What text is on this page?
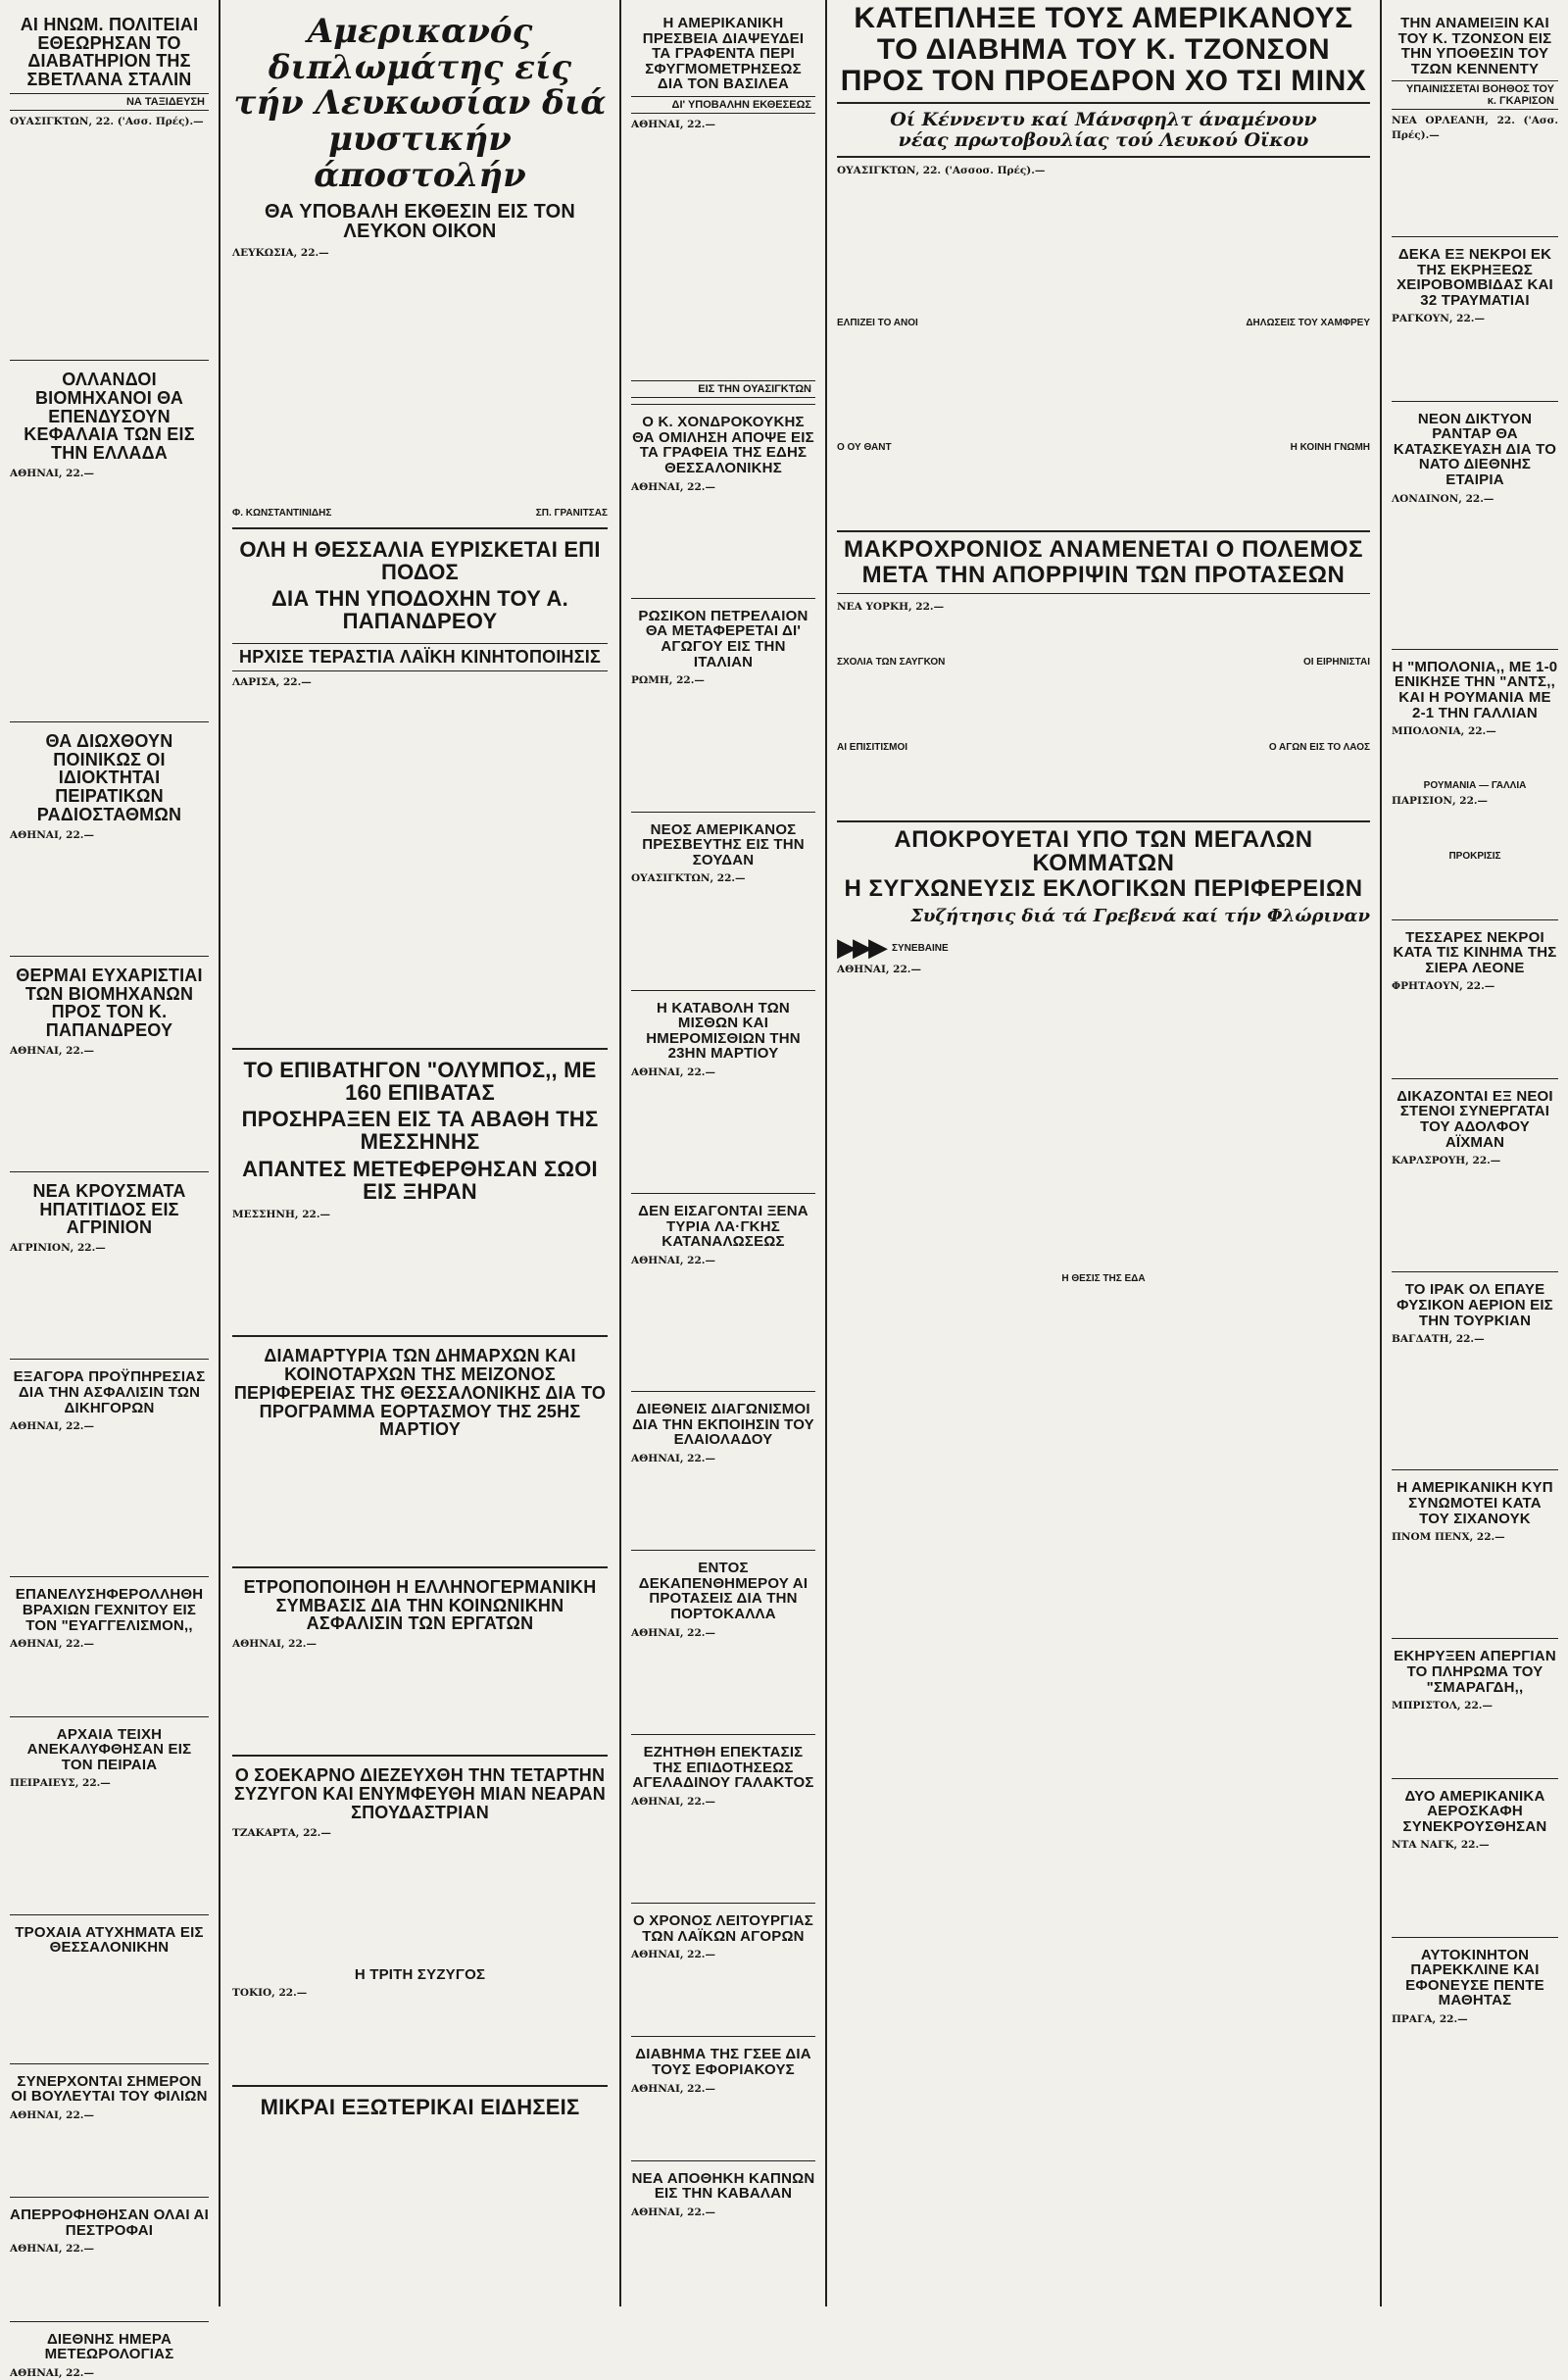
ΑΙ ΗΝΩΜ. ΠΟΛΙΤΕΙΑΙ ΕΘΕΩΡΗΣΑΝ ΤΟ ΔΙΑΒΑΤΗΡΙΟΝ ΤΗΣ ΣΒΕΤΛΑΝΑ ΣΤΑΛΙΝ
ΝΑ ΤΑΞΙΔΕΥΣΗ

ΟΥΑΣΙΓΚΤΩΝ, 22. ('Ασσ. Πρές).—

ΟΛΛΑΝΔΟΙ ΒΙΟΜΗΧΑΝΟΙ ΘΑ ΕΠΕΝΔΥΣΟΥΝ ΚΕΦΑΛΑΙΑ ΤΩΝ ΕΙΣ ΤΗΝ ΕΛΛΑΔΑ

ΑΘΗΝΑΙ, 22.—

ΘΑ ΔΙΩΧΘΟΥΝ ΠΟΙΝΙΚΩΣ ΟΙ ΙΔΙΟΚΤΗΤΑΙ ΠΕΙΡΑΤΙΚΩΝ ΡΑΔΙΟΣΤΑΘΜΩΝ

ΑΘΗΝΑΙ, 22.—

ΘΕΡΜΑΙ ΕΥΧΑΡΙΣΤΙΑΙ ΤΩΝ ΒΙΟΜΗΧΑΝΩΝ ΠΡΟΣ ΤΟΝ Κ. ΠΑΠΑΝΔΡΕΟΥ

ΑΘΗΝΑΙ, 22.—

ΝΕΑ ΚΡΟΥΣΜΑΤΑ ΗΠΑΤΙΤΙΔΟΣ ΕΙΣ ΑΓΡΙΝΙΟΝ

ΑΓΡΙΝΙΟΝ, 22.—

ΕΞΑΓΟΡΑ ΠΡΟΫΠΗΡΕΣΙΑΣ ΔΙΑ ΤΗΝ ΑΣΦΑΛΙΣΙΝ ΤΩΝ ΔΙΚΗΓΟΡΩΝ

ΑΘΗΝΑΙ, 22.—

ΕΠΑΝΕΛΥΣΗΦΕΡΟΛΛΗΘΗ ΒΡΑΧΙΩΝ ΓΕΧΝΙΤΟΥ ΕΙΣ ΤΟΝ "ΕΥΑΓΓΕΛΙΣΜΟΝ,,

ΑΘΗΝΑΙ, 22.—

ΑΡΧΑΙΑ ΤΕΙΧΗ ΑΝΕΚΑΛΥΦΘΗΣΑΝ ΕΙΣ ΤΟΝ ΠΕΙΡΑΙΑ

ΠΕΙΡΑΙΕΥΣ, 22.—

ΤΡΟΧΑΙΑ ΑΤΥΧΗΜΑΤΑ ΕΙΣ ΘΕΣΣΑΛΟΝΙΚΗΝ
ΣΥΝΕΡΧΟΝΤΑΙ ΣΗΜΕΡΟΝ ΟΙ ΒΟΥΛΕΥΤΑΙ ΤΟΥ ΦΙΛΙΩΝ

ΑΘΗΝΑΙ, 22.—

ΑΠΕΡΡΟΦΗΘΗΣΑΝ ΟΛΑΙ ΑΙ ΠΕΣΤΡΟΦΑΙ

ΑΘΗΝΑΙ, 22.—

ΔΙΕΘΝΗΣ ΗΜΕΡΑ ΜΕΤΕΩΡΟΛΟΓΙΑΣ

ΑΘΗΝΑΙ, 22.—

Αμερικανός διπλωμάτης είς τήν Λευκωσίαν διά μυστικήν άποστολήν
ΘΑ ΥΠΟΒΑΛΗ ΕΚΘΕΣΙΝ ΕΙΣ ΤΟΝ ΛΕΥΚΟΝ ΟΙΚΟΝ

ΛΕΥΚΩΣΙΑ, 22.—

Φ. ΚΩΝΣΤΑΝΤΙΝΙΔΗΣ	ΣΠ. ΓΡΑΝΙΤΣΑΣ
ΟΛΗ Η ΘΕΣΣΑΛΙΑ ΕΥΡΙΣΚΕΤΑΙ ΕΠΙ ΠΟΔΟΣ
ΔΙΑ ΤΗΝ ΥΠΟΔΟΧΗΝ ΤΟΥ Α. ΠΑΠΑΝΔΡΕΟΥ
ΗΡΧΙΣΕ ΤΕΡΑΣΤΙΑ ΛΑΪΚΗ ΚΙΝΗΤΟΠΟΙΗΣΙΣ

ΛΑΡΙΣΑ, 22.—

ΤΟ ΕΠΙΒΑΤΗΓΟΝ "ΟΛΥΜΠΟΣ,, ΜΕ 160 ΕΠΙΒΑΤΑΣ
ΠΡΟΣΗΡΑΞΕΝ ΕΙΣ ΤΑ ΑΒΑΘΗ ΤΗΣ ΜΕΣΣΗΝΗΣ
ΑΠΑΝΤΕΣ ΜΕΤΕΦΕΡΘΗΣΑΝ ΣΩΟΙ ΕΙΣ ΞΗΡΑΝ

ΜΕΣΣΗΝΗ, 22.—

ΔΙΑΜΑΡΤΥΡΙΑ ΤΩΝ ΔΗΜΑΡΧΩΝ ΚΑΙ ΚΟΙΝΟΤΑΡΧΩΝ ΤΗΣ ΜΕΙΖΟΝΟΣ ΠΕΡΙΦΕΡΕΙΑΣ ΤΗΣ ΘΕΣΣΑΛΟΝΙΚΗΣ ΔΙΑ ΤΟ ΠΡΟΓΡΑΜΜΑ ΕΟΡΤΑΣΜΟΥ ΤΗΣ 25ΗΣ ΜΑΡΤΙΟΥ
ΕΤΡΟΠΟΠΟΙΗΘΗ Η ΕΛΛΗΝΟΓΕΡΜΑΝΙΚΗ ΣΥΜΒΑΣΙΣ ΔΙΑ ΤΗΝ ΚΟΙΝΩΝΙΚΗΝ ΑΣΦΑΛΙΣΙΝ ΤΩΝ ΕΡΓΑΤΩΝ

ΑΘΗΝΑΙ, 22.—

Ο ΣΟΕΚΑΡΝΟ ΔΙΕΖΕΥΧΘΗ ΤΗΝ ΤΕΤΑΡΤΗΝ ΣΥΖΥΓΟΝ ΚΑΙ ΕΝΥΜΦΕΥΘΗ ΜΙΑΝ ΝΕΑΡΑΝ ΣΠΟΥΔΑΣΤΡΙΑΝ

ΤΖΑΚΑΡΤΑ, 22.—

Η ΤΡΙΤΗ ΣΥΖΥΓΟΣ

ΤΟΚΙΟ, 22.—

ΜΙΚΡΑΙ ΕΞΩΤΕΡΙΚΑΙ ΕΙΔΗΣΕΙΣ
Η ΑΜΕΡΙΚΑΝΙΚΗ ΠΡΕΣΒΕΙΑ ΔΙΑΨΕΥΔΕΙ ΤΑ ΓΡΑΦΕΝΤΑ ΠΕΡΙ ΣΦΥΓΜΟΜΕΤΡΗΣΕΩΣ ΔΙΑ ΤΟΝ ΒΑΣΙΛΕΑ
ΔΙ' ΥΠΟΒΑΛΗΝ ΕΚΘΕΣΕΩΣ

ΑΘΗΝΑΙ, 22.—

ΕΙΣ ΤΗΝ ΟΥΑΣΙΓΚΤΩΝ
Ο Κ. ΧΟΝΔΡΟΚΟΥΚΗΣ ΘΑ ΟΜΙΛΗΣΗ ΑΠΟΨΕ ΕΙΣ ΤΑ ΓΡΑΦΕΙΑ ΤΗΣ ΕΔΗΣ ΘΕΣΣΑΛΟΝΙΚΗΣ

ΑΘΗΝΑΙ, 22.—

ΡΩΣΙΚΟΝ ΠΕΤΡΕΛΑΙΟΝ ΘΑ ΜΕΤΑΦΕΡΕΤΑΙ ΔΙ' ΑΓΩΓΟΥ ΕΙΣ ΤΗΝ ΙΤΑΛΙΑΝ

ΡΩΜΗ, 22.—

ΝΕΟΣ ΑΜΕΡΙΚΑΝΟΣ ΠΡΕΣΒΕΥΤΗΣ ΕΙΣ ΤΗΝ ΣΟΥΔΑΝ

ΟΥΑΣΙΓΚΤΩΝ, 22.—

Η ΚΑΤΑΒΟΛΗ ΤΩΝ ΜΙΣΘΩΝ ΚΑΙ ΗΜΕΡΟΜΙΣΘΙΩΝ ΤΗΝ 23ΗΝ ΜΑΡΤΙΟΥ

ΑΘΗΝΑΙ, 22.—

ΔΕΝ ΕΙΣΑΓΟΝΤΑΙ ΞΕΝΑ ΤΥΡΙΑ ΛΑ·ΓΚΗΣ ΚΑΤΑΝΑΛΩΣΕΩΣ

ΑΘΗΝΑΙ, 22.—

ΔΙΕΘΝΕΙΣ ΔΙΑΓΩΝΙΣΜΟΙ ΔΙΑ ΤΗΝ ΕΚΠΟΙΗΣΙΝ ΤΟΥ ΕΛΑΙΟΛΑΔΟΥ

ΑΘΗΝΑΙ, 22.—

ΕΝΤΟΣ ΔΕΚΑΠΕΝΘΗΜΕΡΟΥ ΑΙ ΠΡΟΤΑΣΕΙΣ ΔΙΑ ΤΗΝ ΠΟΡΤΟΚΑΛΛΑ

ΑΘΗΝΑΙ, 22.—

ΕΖΗΤΗΘΗ ΕΠΕΚΤΑΣΙΣ ΤΗΣ ΕΠΙΔΟΤΗΣΕΩΣ ΑΓΕΛΑΔΙΝΟΥ ΓΑΛΑΚΤΟΣ

ΑΘΗΝΑΙ, 22.—

Ο ΧΡΟΝΟΣ ΛΕΙΤΟΥΡΓΙΑΣ ΤΩΝ ΛΑΪΚΩΝ ΑΓΟΡΩΝ

ΑΘΗΝΑΙ, 22.—

ΔΙΑΒΗΜΑ ΤΗΣ ΓΣΕΕ ΔΙΑ ΤΟΥΣ ΕΦΟΡΙΑΚΟΥΣ

ΑΘΗΝΑΙ, 22.—

ΝΕΑ ΑΠΟΘΗΚΗ ΚΑΠΝΩΝ ΕΙΣ ΤΗΝ ΚΑΒΑΛΑΝ

ΑΘΗΝΑΙ, 22.—

ΚΑΤΕΠΛΗΞΕ ΤΟΥΣ ΑΜΕΡΙΚΑΝΟΥΣ
ΤΟ ΔΙΑΒΗΜΑ ΤΟΥ Κ. ΤΖΟΝΣΟΝ
ΠΡΟΣ ΤΟΝ ΠΡΟΕΔΡΟΝ ΧΟ ΤΣΙ ΜΙΝΧ
Οί Κέννεντυ καί Μάνσφηλτ άναμένουν
νέας πρωτοβουλίας τού Λευκού Οϊκου

ΟΥΑΣΙΓΚΤΩΝ, 22. ('Ασσοσ. Πρές).—

ΕΛΠΙΖΕΙ ΤΟ ΑΝΟΙ	ΔΗΛΩΣΕΙΣ ΤΟΥ ΧΑΜΦΡΕΥ
Ο ΟΥ ΘΑΝΤ	Η ΚΟΙΝΗ ΓΝΩΜΗ
ΜΑΚΡΟΧΡΟΝΙΟΣ ΑΝΑΜΕΝΕΤΑΙ Ο ΠΟΛΕΜΟΣ
ΜΕΤΑ ΤΗΝ ΑΠΟΡΡΙΨΙΝ ΤΩΝ ΠΡΟΤΑΣΕΩΝ

ΝΕΑ ΥΟΡΚΗ, 22.—

ΣΧΟΛΙΑ ΤΩΝ ΣΑΥΓΚΟΝ	ΟΙ ΕΙΡΗΝΙΣΤΑΙ
ΑΙ ΕΠΙΣΙΤΙΣΜΟΙ	Ο ΑΓΩΝ ΕΙΣ ΤΟ ΛΑΟΣ
ΑΠΟΚΡΟΥΕΤΑΙ ΥΠΟ ΤΩΝ ΜΕΓΑΛΩΝ ΚΟΜΜΑΤΩΝ
Η ΣΥΓΧΩΝΕΥΣΙΣ ΕΚΛΟΓΙΚΩΝ ΠΕΡΙΦΕΡΕΙΩΝ
Συζήτησις διά τά Γρεβενά καί τήν Φλώριναν
▶▶▶ ΣΥΝΕΒΑΙΝΕ

ΑΘΗΝΑΙ, 22.—

Η ΘΕΣΙΣ ΤΗΣ ΕΔΑ
ΤΗΝ ΑΝΑΜΕΙΞΙΝ ΚΑΙ ΤΟΥ Κ. ΤΖΟΝΣΟΝ ΕΙΣ ΤΗΝ ΥΠΟΘΕΣΙΝ ΤΟΥ ΤΖΩΝ ΚΕΝΝΕΝΤΥ
ΥΠΑΙΝΙΣΣΕΤΑΙ ΒΟΗΘΟΣ ΤΟΥ κ. ΓΚΑΡΙΣΟΝ

ΝΕΑ ΟΡΛΕΑΝΗ, 22. ('Ασσ. Πρές).—

ΔΕΚΑ ΕΞ ΝΕΚΡΟΙ ΕΚ ΤΗΣ ΕΚΡΗΞΕΩΣ ΧΕΙΡΟΒΟΜΒΙΔΑΣ ΚΑΙ 32 ΤΡΑΥΜΑΤΙΑΙ

ΡΑΓΚΟΥΝ, 22.—

ΝΕΟΝ ΔΙΚΤΥΟΝ ΡΑΝΤΑΡ ΘΑ ΚΑΤΑΣΚΕΥΑΣΗ ΔΙΑ ΤΟ ΝΑΤΟ ΔΙΕΘΝΗΣ ΕΤΑΙΡΙΑ

ΛΟΝΔΙΝΟΝ, 22.—

Η "ΜΠΟΛΟΝΙΑ,, ΜΕ 1-0 ΕΝΙΚΗΣΕ ΤΗΝ "ΑΝΤΣ,, ΚΑΙ Η ΡΟΥΜΑΝΙΑ ΜΕ 2-1 ΤΗΝ ΓΑΛΛΙΑΝ

ΜΠΟΛΟΝΙΑ, 22.—

ΡΟΥΜΑΝΙΑ — ΓΑΛΛΙΑ

ΠΑΡΙΣΙΟΝ, 22.—

ΠΡΟΚΡΙΣΙΣ
ΤΕΣΣΑΡΕΣ ΝΕΚΡΟΙ ΚΑΤΑ ΤΙΣ ΚΙΝΗΜΑ ΤΗΣ ΣΙΕΡΑ ΛΕΟΝΕ

ΦΡΗΤΑΟΥΝ, 22.—

ΔΙΚΑΖΟΝΤΑΙ ΕΞ ΝΕΟΙ ΣΤΕΝΟΙ ΣΥΝΕΡΓΑΤΑΙ ΤΟΥ ΑΔΟΛΦΟΥ ΑΪΧΜΑΝ

ΚΑΡΛΣΡΟΥΗ, 22.—

ΤΟ ΙΡΑΚ ΟΛ ΕΠΑΥΕ ΦΥΣΙΚΟΝ ΑΕΡΙΟΝ ΕΙΣ ΤΗΝ ΤΟΥΡΚΙΑΝ

ΒΑΓΔΑΤΗ, 22.—

Η ΑΜΕΡΙΚΑΝΙΚΗ ΚΥΠ ΣΥΝΩΜΟΤΕΙ ΚΑΤΑ ΤΟΥ ΣΙΧΑΝΟΥΚ

ΠΝΟΜ ΠΕΝΧ, 22.—

ΕΚΗΡΥΞΕΝ ΑΠΕΡΓΙΑΝ ΤΟ ΠΛΗΡΩΜΑ ΤΟΥ "ΣΜΑΡΑΓΔΗ,,

ΜΠΡΙΣΤΟΛ, 22.—

ΔΥΟ ΑΜΕΡΙΚΑΝΙΚΑ ΑΕΡΟΣΚΑΦΗ ΣΥΝΕΚΡΟΥΣΘΗΣΑΝ

ΝΤΑ ΝΑΓΚ, 22.—

ΑΥΤΟΚΙΝΗΤΟΝ ΠΑΡΕΚΚΛΙΝΕ ΚΑΙ ΕΦΟΝΕΥΣΕ ΠΕΝΤΕ ΜΑΘΗΤΑΣ

ΠΡΑΓΑ, 22.—
